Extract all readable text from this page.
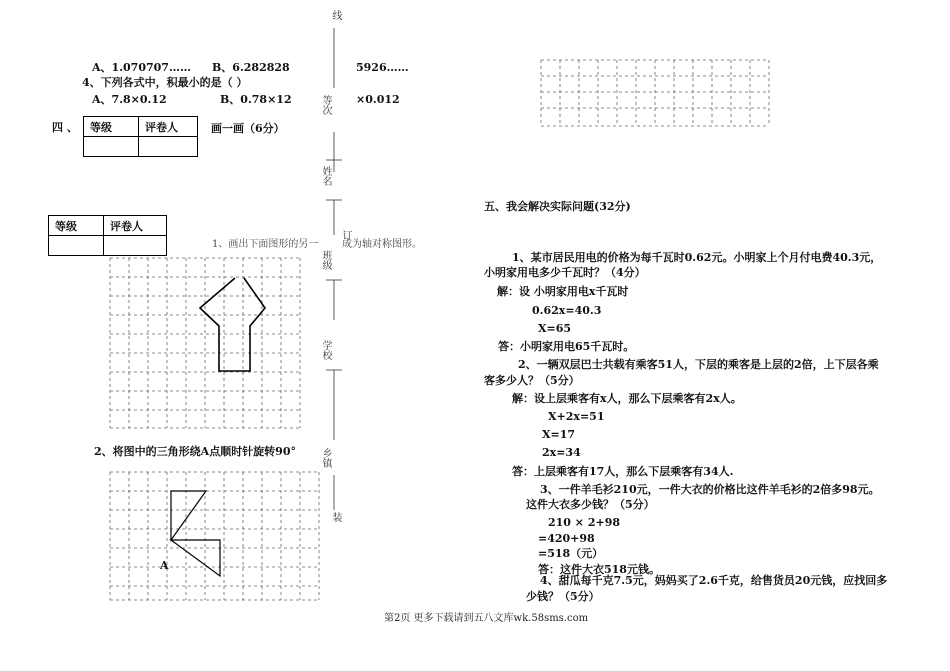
A、1.070707…… B、6.282828
4、下列各式中，积最小的是（ ）
A、7.8×0.12	B、0.78×12
四 、 等级	评卷人
		画一画（6分）
等级	评卷人

1、画出下面图形的另一
2、将图中的三角形绕A点顺时针旋转90°
A
线
等次
姓名
订
班级
学校
乡镇
装
5926……
×0.012
成为轴对称图形。
五、我会解决实际问题(32分)
1、某市居民用电的价格为每千瓦时0.62元。小明家上个月付电费40.3元，
小明家用电多少千瓦时？（4分）
解：设 小明家用电x千瓦时
0.62x=40.3
X=65
答：小明家用电65千瓦时。
2、一辆双层巴士共载有乘客51人，下层的乘客是上层的2倍，上下层各乘
客多少人？（5分）
解：设上层乘客有x人，那么下层乘客有2x人。
X+2x=51
X=17
2x=34
答：上层乘客有17人，那么下层乘客有34人.
3、一件羊毛衫210元，一件大衣的价格比这件羊毛衫的2倍多98元。
这件大衣多少钱？（5分）
210 × 2+98
=420+98
=518（元）
答：这件大衣518元钱。
4、甜瓜每千克7.5元，妈妈买了2.6千克，给售货员20元钱，应找回多
少钱？（5分）
第2页 更多下载请到五八文库wk.58sms.com
